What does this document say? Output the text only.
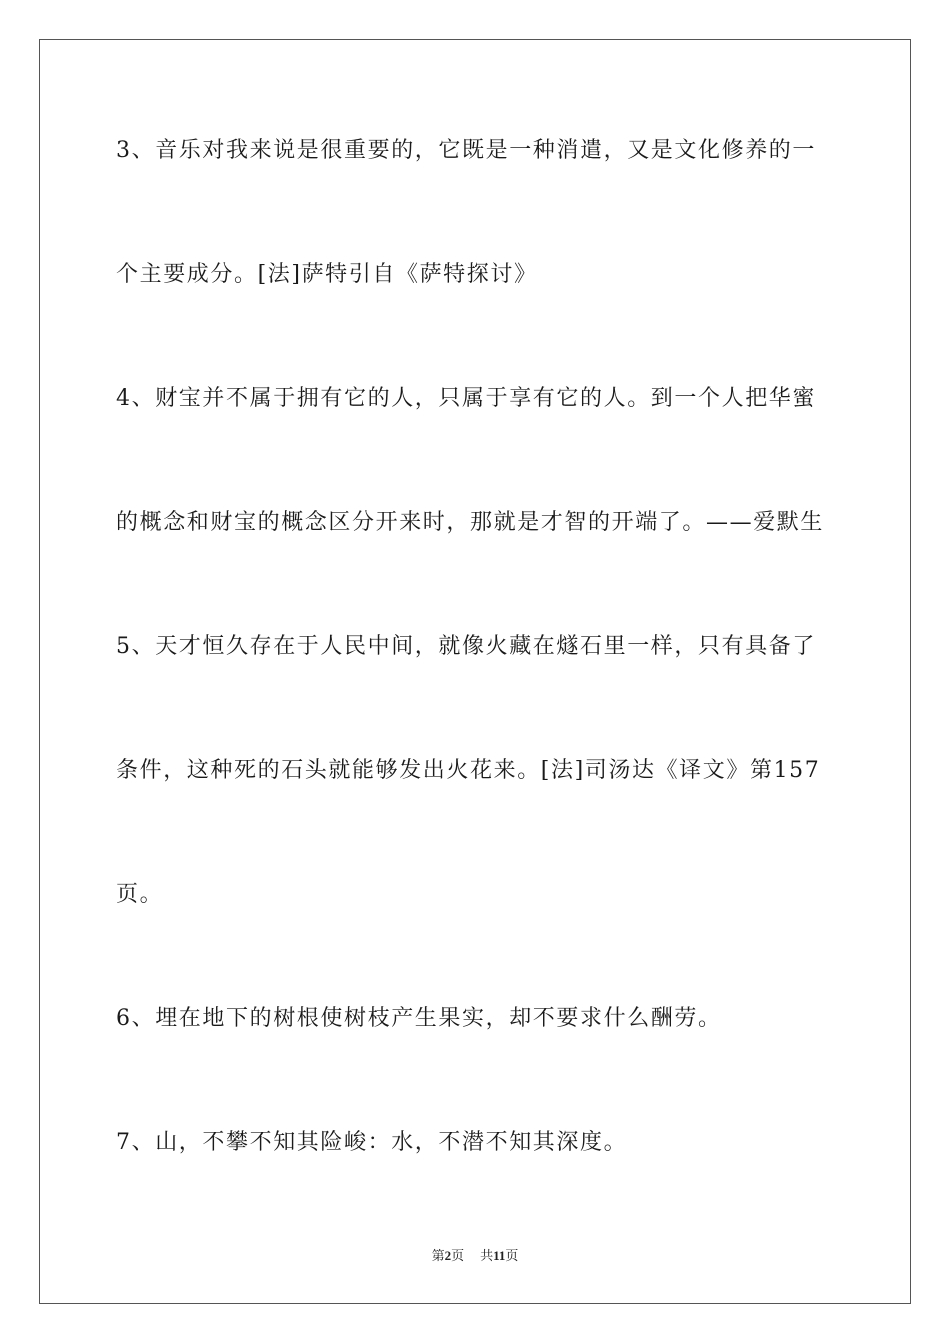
3、音乐对我来说是很重要的，它既是一种消遣，又是文化修养的一
个主要成分。[法]萨特引自《萨特探讨》
4、财宝并不属于拥有它的人，只属于享有它的人。到一个人把华蜜
的概念和财宝的概念区分开来时，那就是才智的开端了。——爱默生
5、天才恒久存在于人民中间，就像火藏在燧石里一样，只有具备了
条件，这种死的石头就能够发出火花来。[法]司汤达《译文》第157
页。
6、埋在地下的树根使树枝产生果实，却不要求什么酬劳。
7、山，不攀不知其险峻：水，不潜不知其深度。
第2页 共11页
